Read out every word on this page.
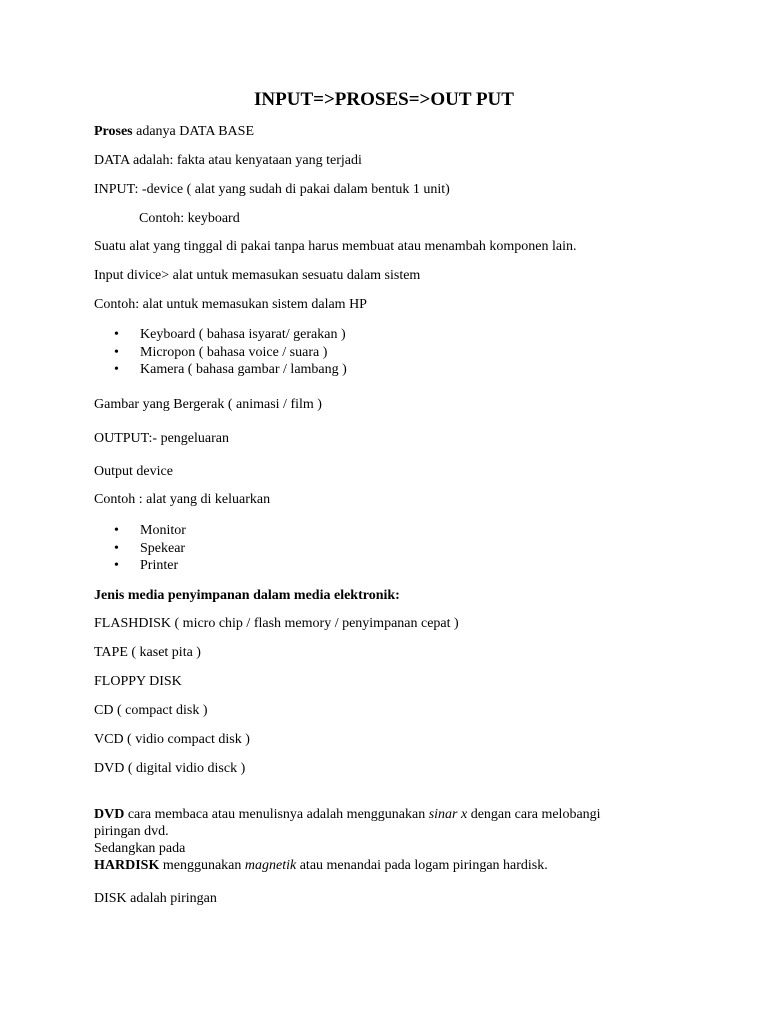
INPUT=>PROSES=>OUT PUT

Proses adanya DATA BASE

DATA adalah: fakta atau kenyataan yang terjadi

INPUT: -device ( alat yang sudah di pakai dalam bentuk 1 unit)

Contoh: keyboard

Suatu alat yang tinggal di pakai tanpa harus membuat atau menambah komponen lain.

Input divice> alat untuk memasukan sesuatu dalam sistem

Contoh: alat untuk memasukan sistem dalam HP

• Keyboard ( bahasa isyarat/ gerakan )
• Micropon ( bahasa voice / suara )
• Kamera ( bahasa gambar / lambang )

Gambar yang Bergerak ( animasi / film )

OUTPUT:- pengeluaran

Output device

Contoh : alat yang di keluarkan

• Monitor
• Spekear
• Printer

Jenis media penyimpanan dalam media elektronik:

FLASHDISK ( micro chip / flash memory / penyimpanan cepat )

TAPE ( kaset pita )

FLOPPY DISK

CD ( compact disk )

VCD ( vidio compact disk )

DVD ( digital vidio disck )

DVD cara membaca atau menulisnya adalah menggunakan sinar x dengan cara melobangi

piringan dvd.

Sedangkan pada

HARDISK menggunakan magnetik atau menandai pada logam piringan hardisk.

DISK adalah piringan
